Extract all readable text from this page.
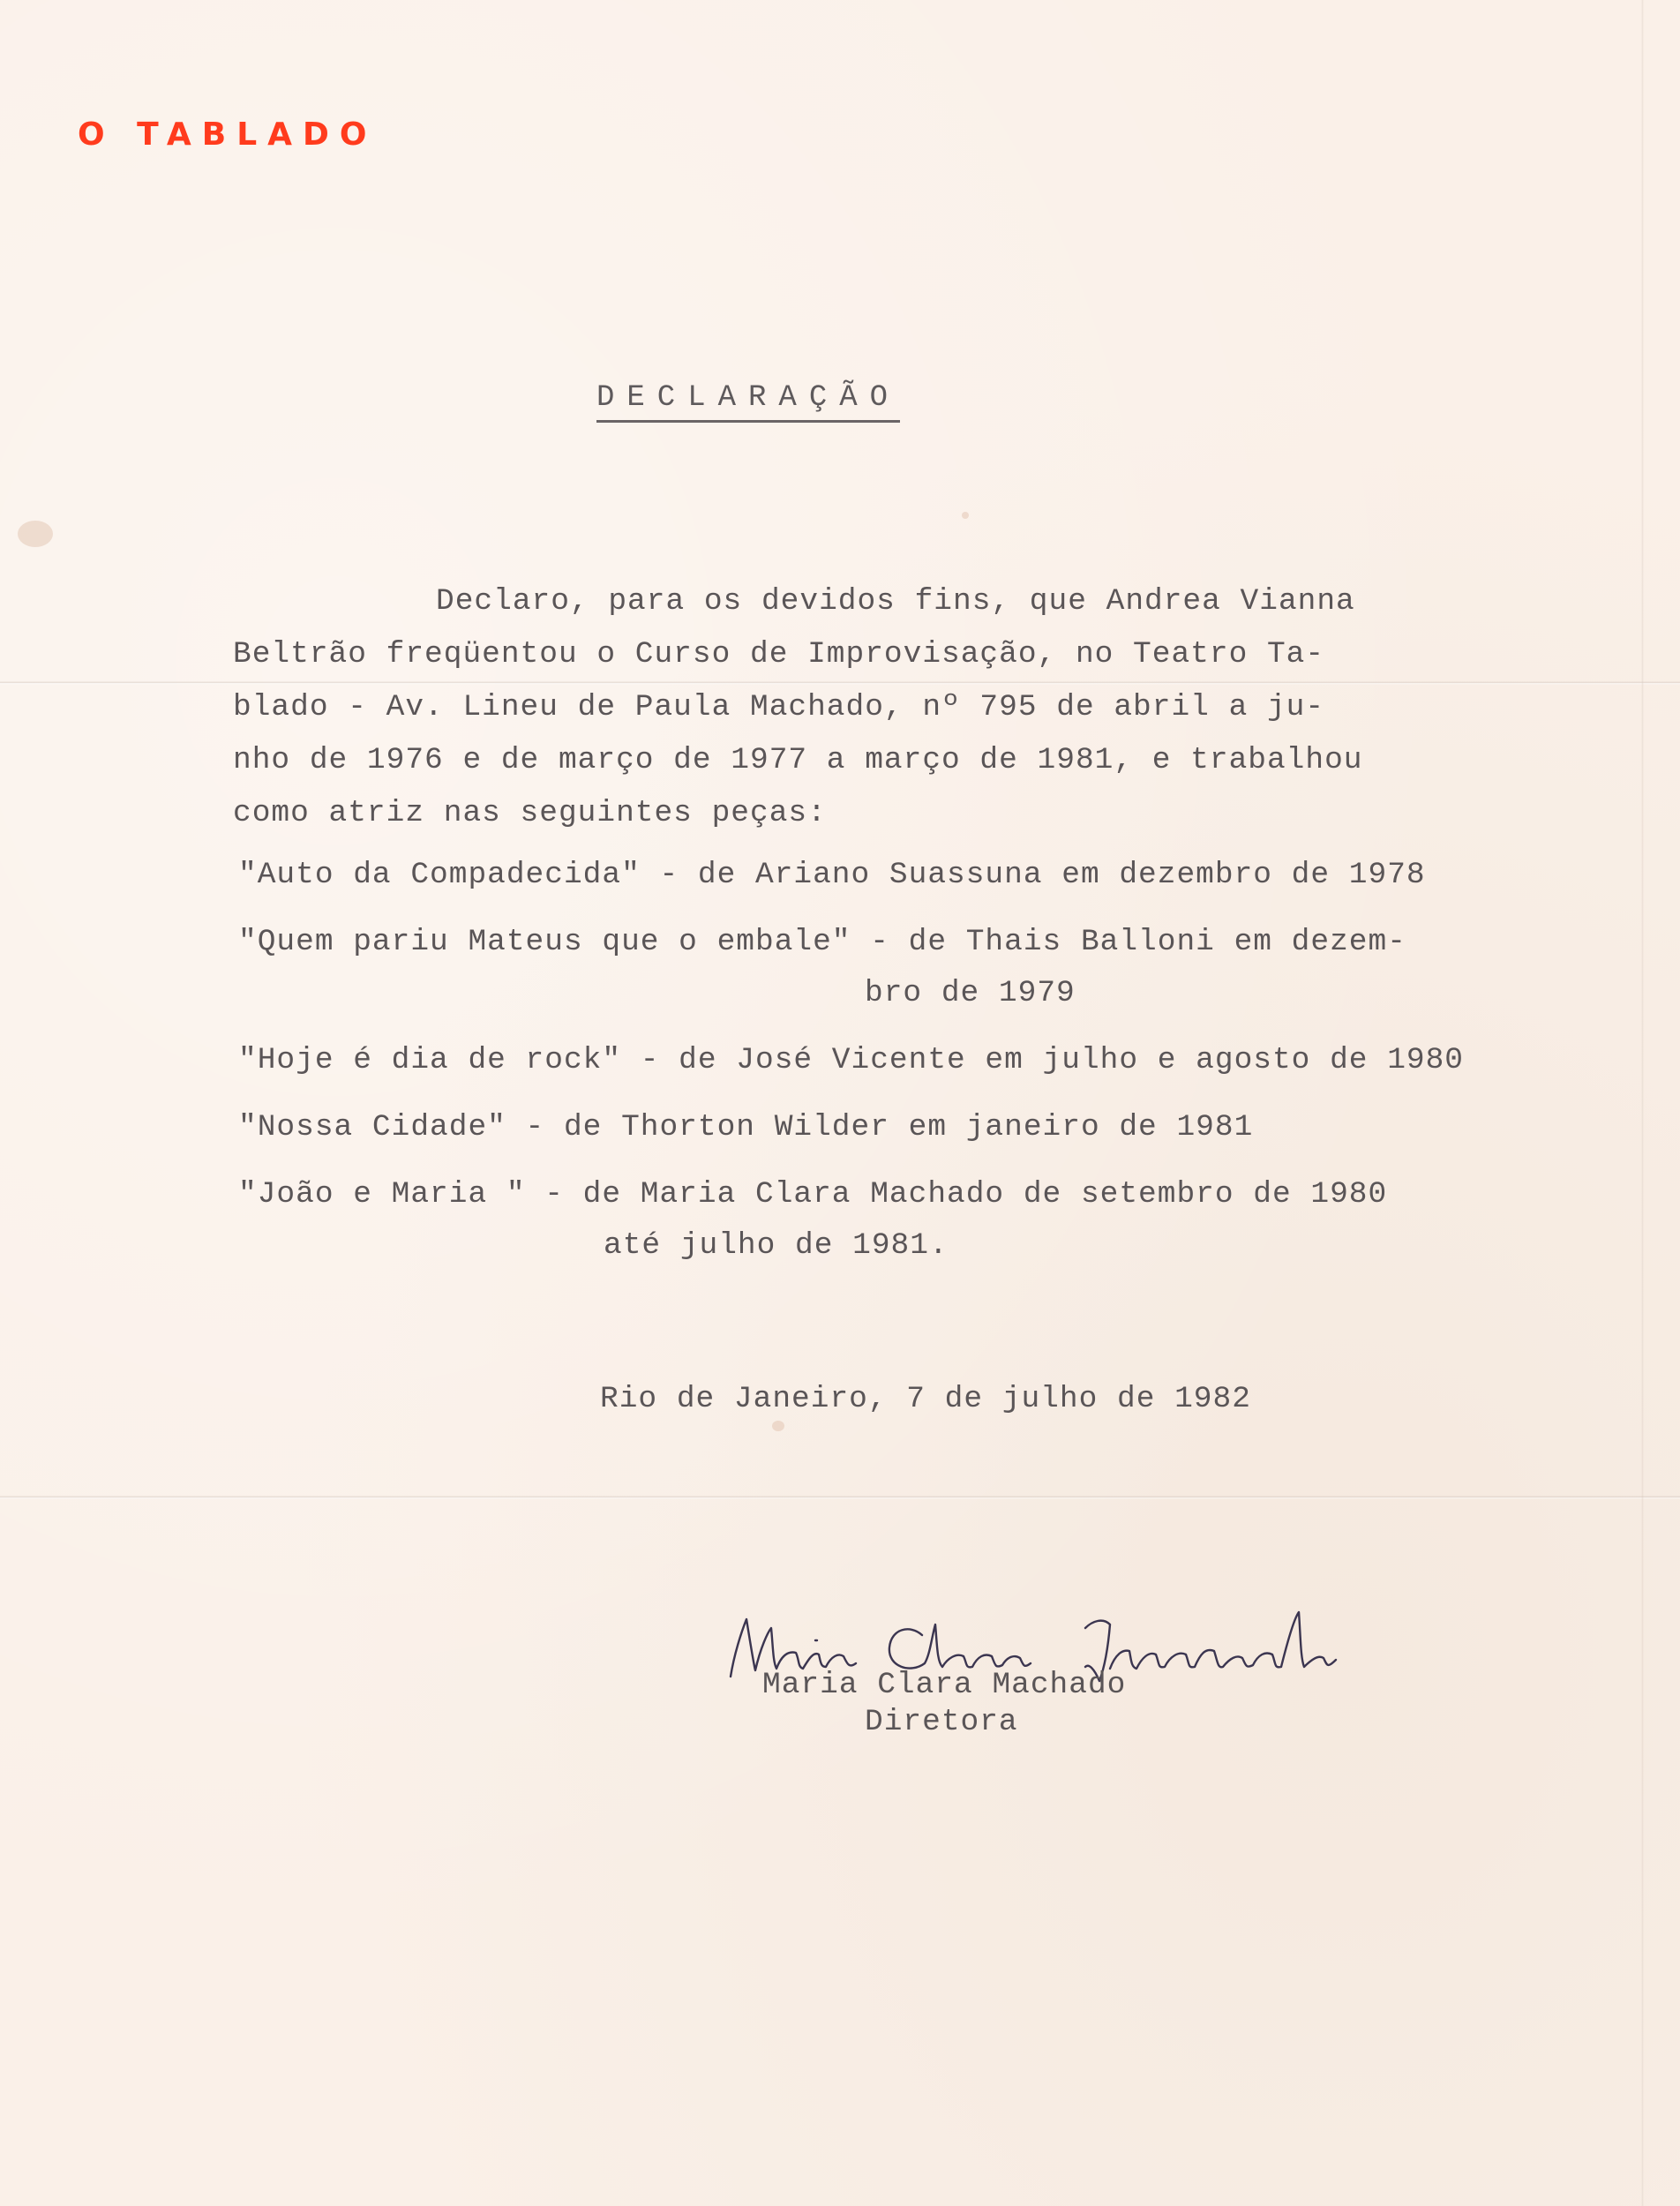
O TABLADO
DECLARAÇÃO
Declaro, para os devidos fins, que Andrea Vianna
Beltrão freqüentou o Curso de Improvisação, no Teatro Ta-
blado - Av. Lineu de Paula Machado, nº 795 de abril a ju-
nho de 1976 e de março de 1977 a março de 1981, e trabalhou
como atriz nas seguintes peças:
"Auto da Compadecida" - de Ariano Suassuna em dezembro de 1978
"Quem pariu Mateus que o embale" - de Thais Balloni em dezem-
bro de 1979
"Hoje é dia de rock" - de José Vicente em julho e agosto de 1980
"Nossa Cidade" - de Thorton Wilder em janeiro de 1981
"João e Maria " - de Maria Clara Machado de setembro de 1980
até julho de 1981.
Rio de Janeiro, 7 de julho de 1982
Maria Clara Machado
Diretora
